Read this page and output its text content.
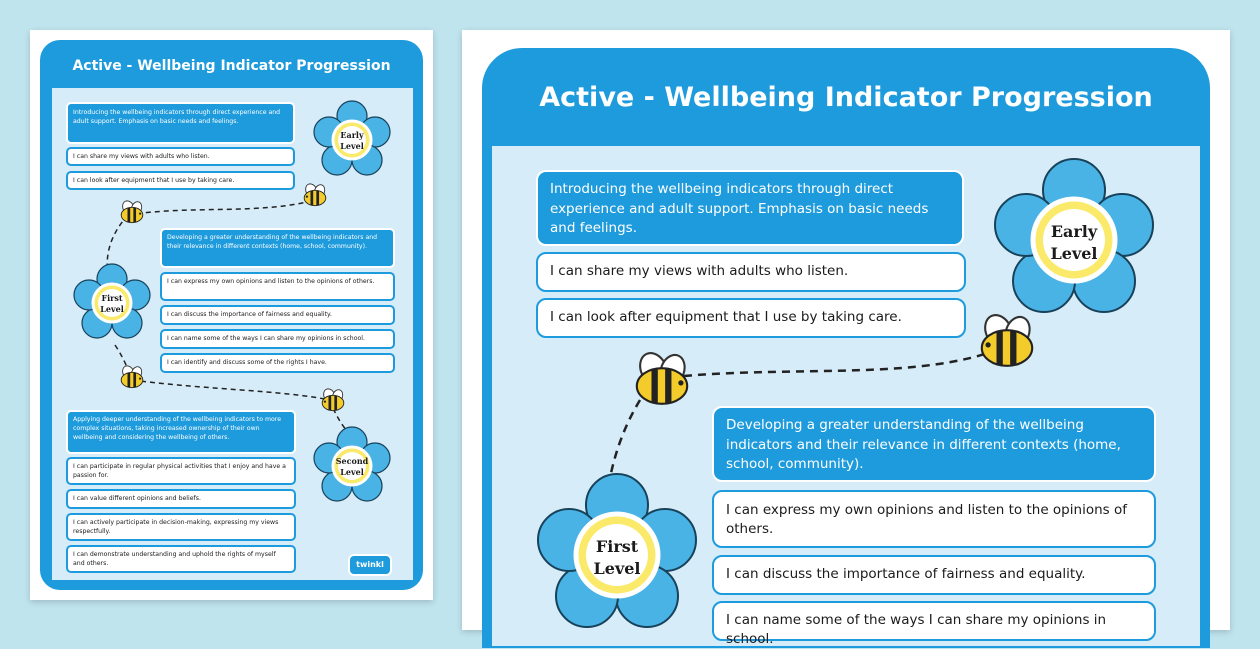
Active - Wellbeing Indicator Progression
Early
Level
First
Level
Second
Level
Introducing the wellbeing indicators through direct experience and adult support. Emphasis on basic needs and feelings.
I can share my views with adults who listen.
I can look after equipment that I use by taking care.
Developing a greater understanding of the wellbeing indicators and their relevance in different contexts (home, school, community).
I can express my own opinions and listen to the opinions of others.
I can discuss the importance of fairness and equality.
I can name some of the ways I can share my opinions in school.
I can identify and discuss some of the rights I have.
Applying deeper understanding of the wellbeing indicators to more complex situations, taking increased ownership of their own wellbeing and considering the wellbeing of others.
I can participate in regular physical activities that I enjoy and have a passion for.
I can value different opinions and beliefs.
I can actively participate in decision-making, expressing my views respectfully.
I can demonstrate understanding and uphold the rights of myself and others.	twinkl
Active - Wellbeing Indicator Progression
Early
Level
First
Level
Introducing the wellbeing indicators through direct experience and adult support. Emphasis on basic needs and feelings.
I can share my views with adults who listen.
I can look after equipment that I use by taking care.
Developing a greater understanding of the wellbeing indicators and their relevance in different contexts (home, school, community).
I can express my own opinions and listen to the opinions of others.
I can discuss the importance of fairness and equality.
I can name some of the ways I can share my opinions in school.
